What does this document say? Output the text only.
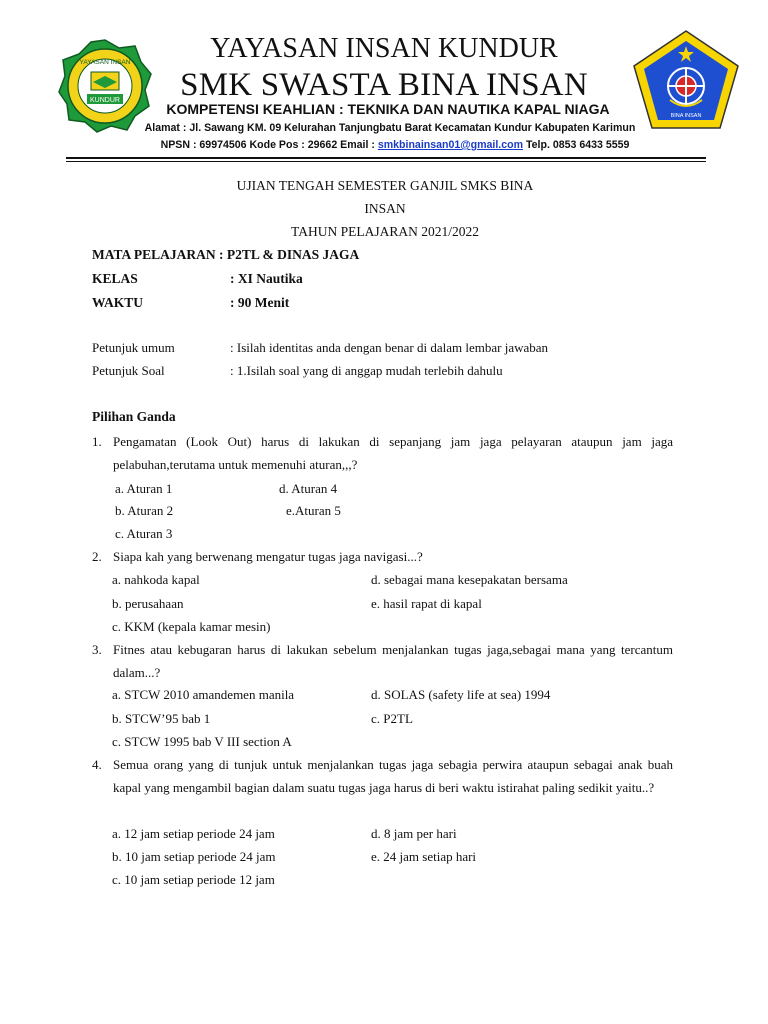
KUNDUR
YAYASAN INSAN
BINA INSAN
YAYASAN INSAN KUNDUR
SMK SWASTA BINA INSAN
KOMPETENSI KEAHLIAN : TEKNIKA DAN NAUTIKA KAPAL NIAGA
Alamat : Jl. Sawang KM. 09 Kelurahan Tanjungbatu Barat Kecamatan Kundur Kabupaten Karimun
NPSN : 69974506 Kode Pos : 29662 Email : smkbinainsan01@gmail.com Telp. 0853 6433 5559
UJIAN TENGAH SEMESTER GANJIL SMKS BINA
INSAN
TAHUN PELAJARAN 2021/2022
MATA PELAJARAN : P2TL & DINAS JAGA
KELAS	: XI Nautika
WAKTU	: 90 Menit
Petunjuk umum	: Isilah identitas anda dengan benar di dalam lembar jawaban
Petunjuk Soal	: 1.Isilah soal yang di anggap mudah terlebih dahulu
Pilihan Ganda
1. Pengamatan (Look Out) harus di lakukan di sepanjang jam jaga pelayaran ataupun jam jaga pelabuhan,terutama untuk memenuhi aturan,,,?
a. Aturan 1	d. Aturan 4
b. Aturan 2	e.Aturan 5
c. Aturan 3
2. Siapa kah yang berwenang mengatur tugas jaga navigasi...?
a. nahkoda kapal	d. sebagai mana kesepakatan bersama
b. perusahaan	e. hasil rapat di kapal
c. KKM (kepala kamar mesin)
3. Fitnes atau kebugaran harus di lakukan sebelum menjalankan tugas jaga,sebagai mana yang tercantum dalam...?
a. STCW 2010 amandemen manila	d. SOLAS (safety life at sea) 1994
b. STCW’95 bab 1	c. P2TL
c. STCW 1995 bab V III section A
4. Semua orang yang di tunjuk untuk menjalankan tugas jaga sebagia perwira ataupun sebagai anak buah kapal yang mengambil bagian dalam suatu tugas jaga harus di beri waktu istirahat paling sedikit yaitu..?
a. 12 jam setiap periode 24 jam	d. 8 jam per hari
b. 10 jam setiap periode 24 jam	e. 24 jam setiap hari
c. 10 jam setiap periode 12 jam
